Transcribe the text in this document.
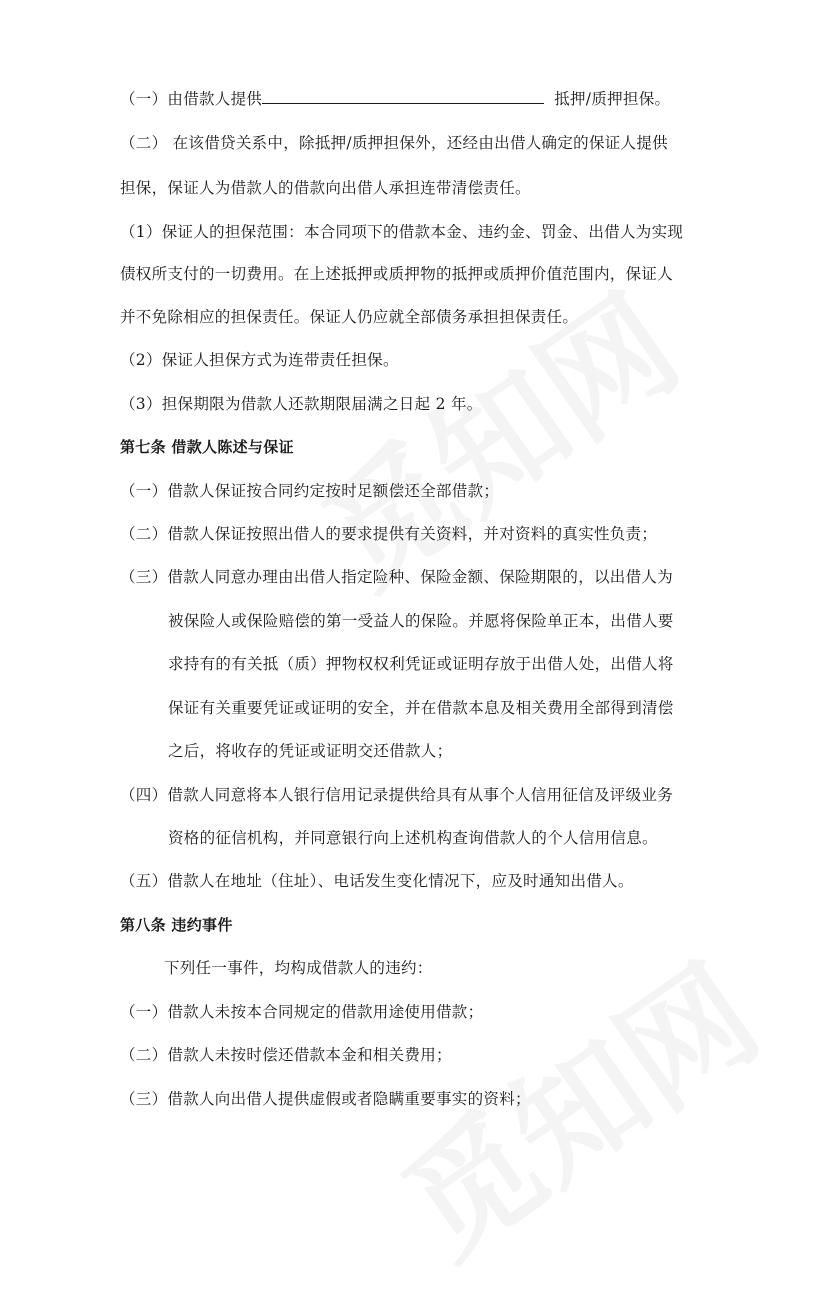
（一）由借款人提供	抵押/质押担保。
（二） 在该借贷关系中，除抵押/质押担保外，还经由出借人确定的保证人提供
担保，保证人为借款人的借款向出借人承担连带清偿责任。
（1）保证人的担保范围：本合同项下的借款本金、违约金、罚金、出借人为实现
债权所支付的一切费用。在上述抵押或质押物的抵押或质押价值范围内，保证人
并不免除相应的担保责任。保证人仍应就全部债务承担担保责任。
（2）保证人担保方式为连带责任担保。
（3）担保期限为借款人还款期限届满之日起 2 年。
第七条 借款人陈述与保证
（一）借款人保证按合同约定按时足额偿还全部借款；
（二）借款人保证按照出借人的要求提供有关资料，并对资料的真实性负责；
（三）借款人同意办理由出借人指定险种、保险金额、保险期限的，以出借人为
被保险人或保险赔偿的第一受益人的保险。并愿将保险单正本，出借人要
求持有的有关抵（质）押物权权利凭证或证明存放于出借人处，出借人将
保证有关重要凭证或证明的安全，并在借款本息及相关费用全部得到清偿
之后，将收存的凭证或证明交还借款人；
（四）借款人同意将本人银行信用记录提供给具有从事个人信用征信及评级业务
资格的征信机构，并同意银行向上述机构查询借款人的个人信用信息。
（五）借款人在地址（住址）、电话发生变化情况下，应及时通知出借人。
第八条 违约事件
下列任一事件，均构成借款人的违约：
（一）借款人未按本合同规定的借款用途使用借款；
（二）借款人未按时偿还借款本金和相关费用；
（三）借款人向出借人提供虚假或者隐瞒重要事实的资料；
